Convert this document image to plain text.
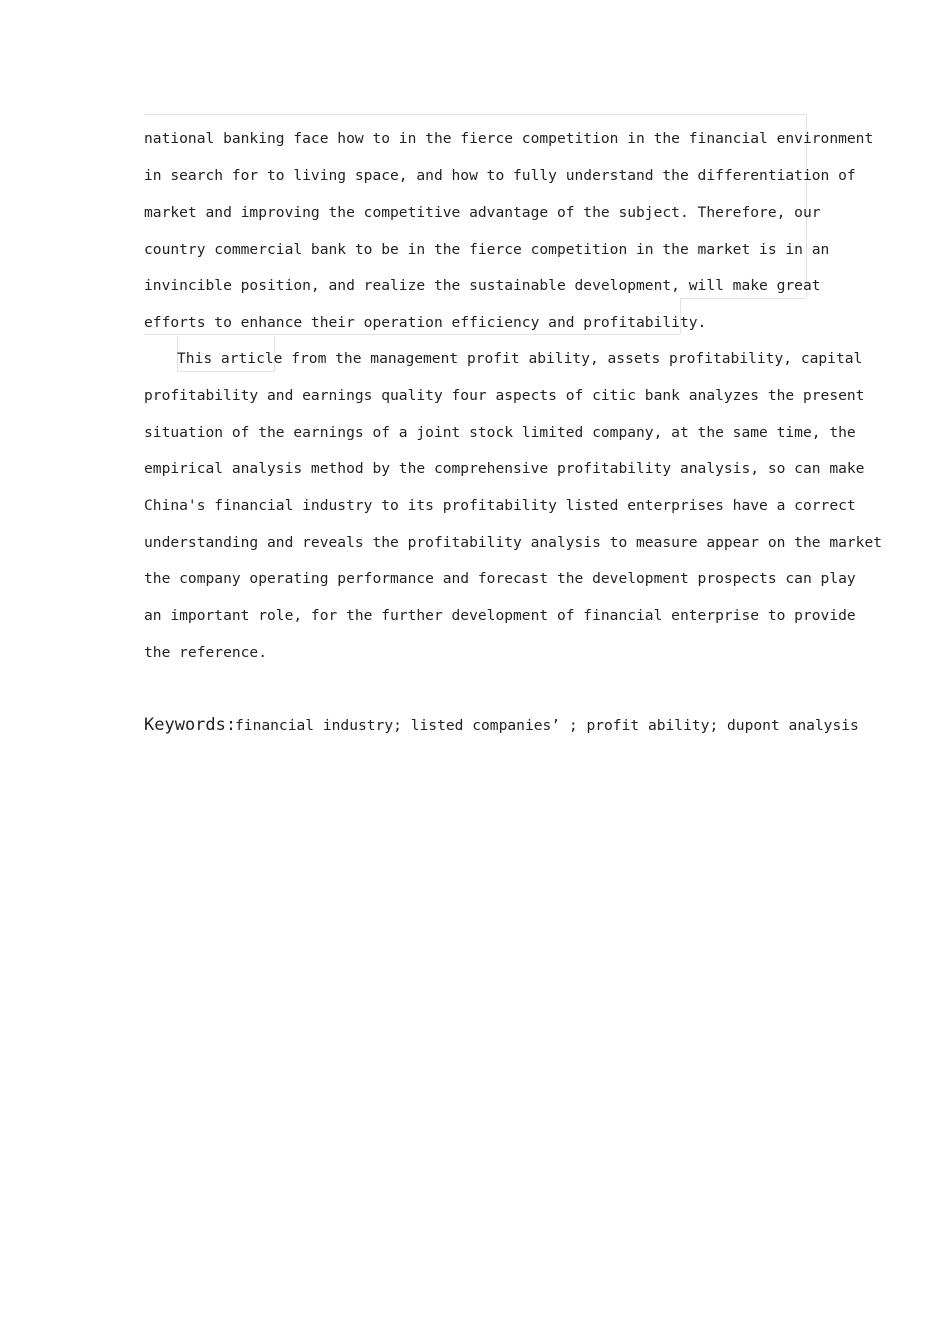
national banking face how to in the fierce competition in the financial environment
in search for to living space, and how to fully understand the differentiation of
market and improving the competitive advantage of the subject. Therefore, our
country commercial bank to be in the fierce competition in the market is in an
invincible position, and realize the sustainable development, will make great
efforts to enhance their operation efficiency and profitability.
This article from the management profit ability, assets profitability, capital
profitability and earnings quality four aspects of citic bank analyzes the present
situation of the earnings of a joint stock limited company, at the same time, the
empirical analysis method by the comprehensive profitability analysis, so can make
China's financial industry to its profitability listed enterprises have a correct
understanding and reveals the profitability analysis to measure appear on the market
the company operating performance and forecast the development prospects can play
an important role, for the further development of financial enterprise to provide
the reference.
Keywords:
financial industry; listed companies’ ; profit ability; dupont analysis
